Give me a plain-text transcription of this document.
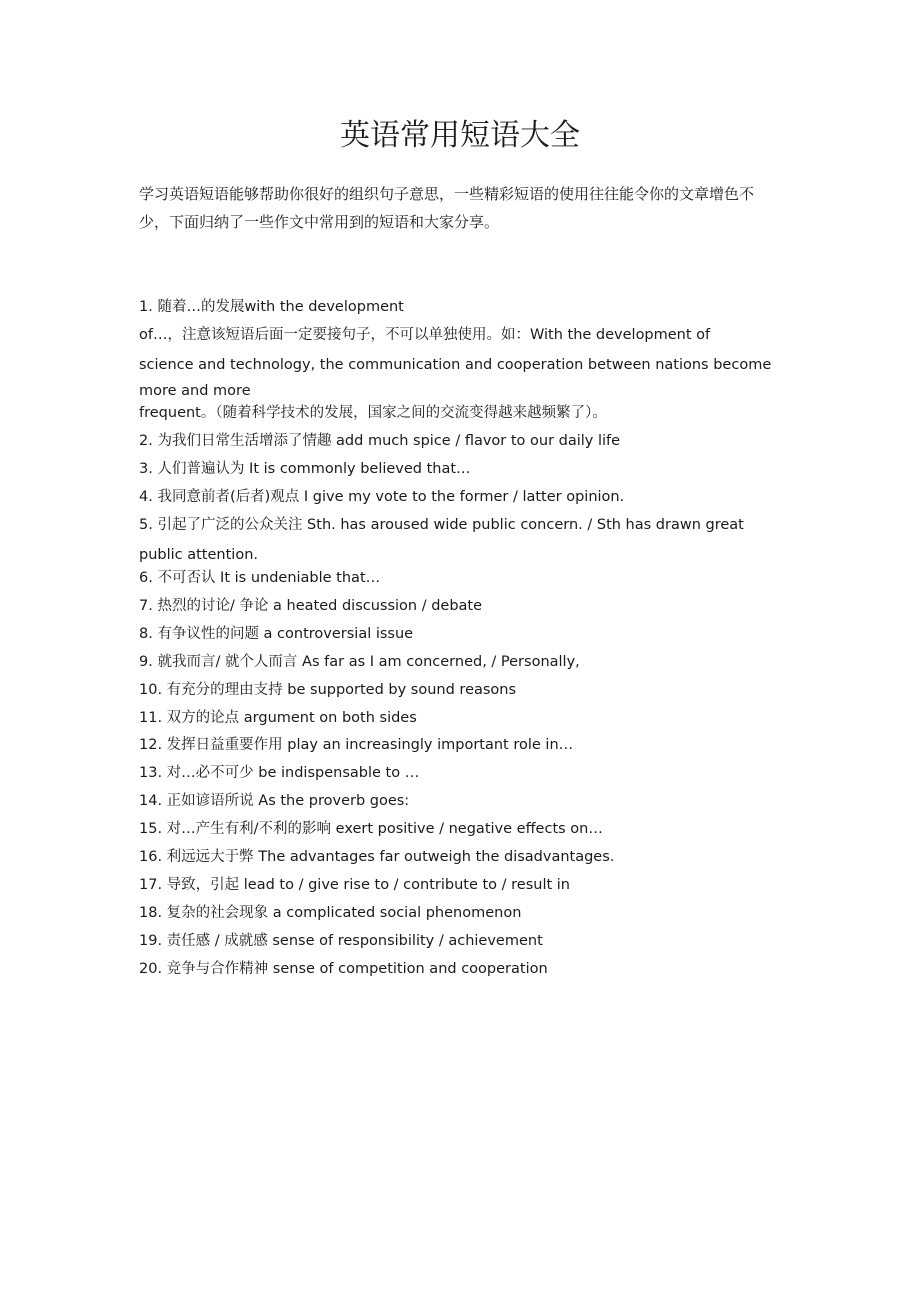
英语常用短语大全

学习英语短语能够帮助你很好的组织句子意思，一些精彩短语的使用往往能令你的文章增色不少，下面归纳了一些作文中常用到的短语和大家分享。

1. 随着…的发展with the development

of…，注意该短语后面一定要接句子，不可以单独使用。如：With the development of

science and technology, the communication and cooperation between nations become

more and more

frequent。（随着科学技术的发展，国家之间的交流变得越来越频繁了）。

2. 为我们日常生活增添了情趣 add much spice / flavor to our daily life

3. 人们普遍认为 It is commonly believed that…

4. 我同意前者(后者)观点 I give my vote to the former / latter opinion.

5. 引起了广泛的公众关注 Sth. has aroused wide public concern. / Sth has drawn great

public attention.

6. 不可否认 It is undeniable that…

7. 热烈的讨论/ 争论 a heated discussion / debate

8. 有争议性的问题 a controversial issue

9. 就我而言/ 就个人而言 As far as I am concerned, / Personally,

10. 有充分的理由支持 be supported by sound reasons

11. 双方的论点 argument on both sides

12. 发挥日益重要作用 play an increasingly important role in…

13. 对…必不可少 be indispensable to …

14. 正如谚语所说 As the proverb goes:

15. 对…产生有利/不利的影响 exert positive / negative effects on…

16. 利远远大于弊 The advantages far outweigh the disadvantages.

17. 导致，引起 lead to / give rise to / contribute to / result in

18. 复杂的社会现象 a complicated social phenomenon

19. 责任感 / 成就感 sense of responsibility / achievement

20. 竞争与合作精神 sense of competition and cooperation
